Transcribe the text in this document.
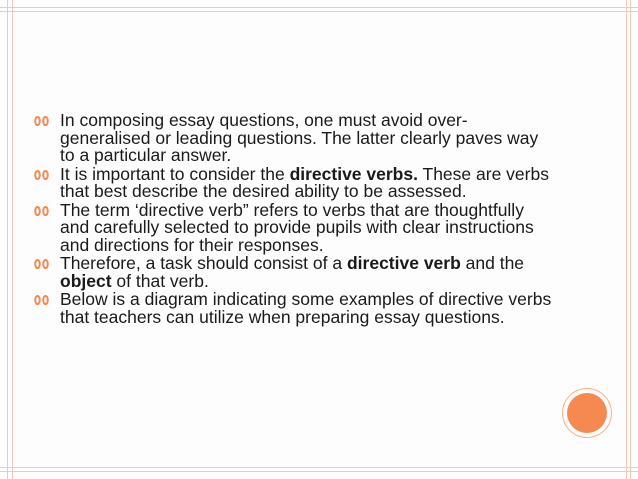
In composing essay questions, one must avoid over-generalised or leading questions. The latter clearly paves way to a particular answer.
It is important to consider the directive verbs. These are verbs that best describe the desired ability to be assessed.
The term ‘directive verb” refers to verbs that are thoughtfully and carefully selected to provide pupils with clear instructions and directions for their responses.
Therefore, a task should consist of a directive verb and the object of that verb.
Below is a diagram indicating some examples of directive verbs that teachers can utilize when preparing essay questions.
